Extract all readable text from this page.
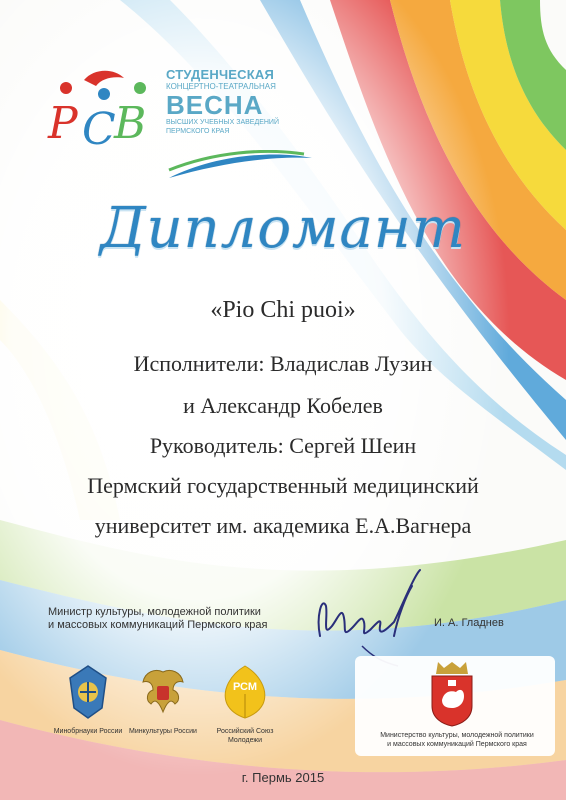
Р С
В
СТУДЕНЧЕСКАЯ
КОНЦЕРТНО-ТЕАТРАЛЬНАЯ
ВЕСНА
ВЫСШИХ УЧЕБНЫХ ЗАВЕДЕНИЙ
ПЕРМСКОГО КРАЯ
Дипломант
«Pio Chi puoi»
Исполнители: Владислав Лузин
и Александр Кобелев
Руководитель: Сергей Шеин
Пермский государственный медицинский
университет им. академика Е.А.Вагнера
Министр культуры, молодежной политики
и массовых коммуникаций Пермского края	И. А. Гладнев
Минобрнауки России Минкультуры России
РСМ
Российский Союз Молодежи
Министерство культуры, молодежной политики
и массовых коммуникаций Пермского края
г. Пермь 2015
